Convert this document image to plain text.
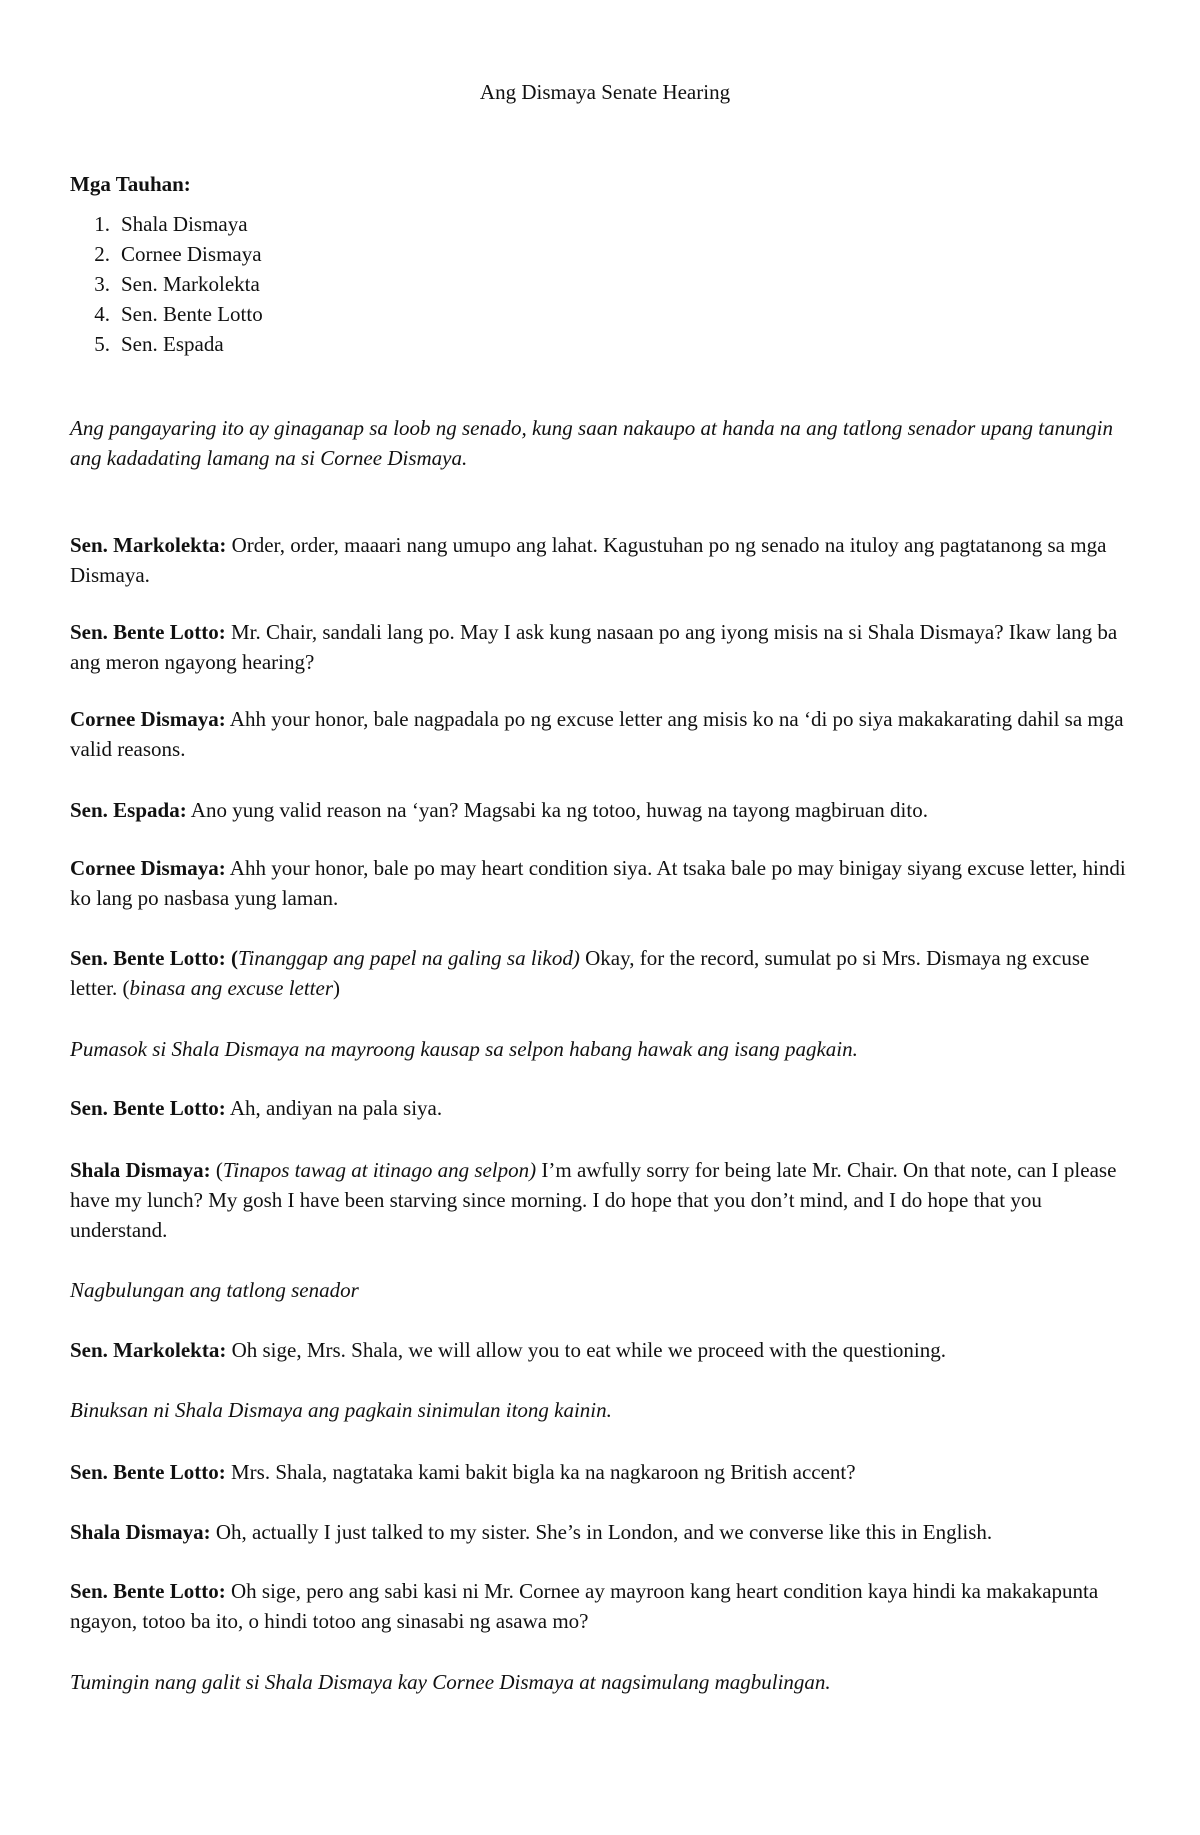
Ang Dismaya Senate Hearing
Mga Tauhan:
1. Shala Dismaya
2. Cornee Dismaya
3. Sen. Markolekta
4. Sen. Bente Lotto
5. Sen. Espada

Ang pangayaring ito ay ginaganap sa loob ng senado, kung saan nakaupo at handa na ang tatlong senador upang tanungin ang kadadating lamang na si Cornee Dismaya.

Sen. Markolekta: Order, order, maaari nang umupo ang lahat. Kagustuhan po ng senado na ituloy ang pagtatanong sa mga Dismaya.

Sen. Bente Lotto: Mr. Chair, sandali lang po. May I ask kung nasaan po ang iyong misis na si Shala Dismaya? Ikaw lang ba ang meron ngayong hearing?

Cornee Dismaya: Ahh your honor, bale nagpadala po ng excuse letter ang misis ko na ‘di po siya makakarating dahil sa mga valid reasons.

Sen. Espada: Ano yung valid reason na ‘yan? Magsabi ka ng totoo, huwag na tayong magbiruan dito.

Cornee Dismaya: Ahh your honor, bale po may heart condition siya. At tsaka bale po may binigay siyang excuse letter, hindi ko lang po nasbasa yung laman.

Sen. Bente Lotto: (Tinanggap ang papel na galing sa likod) Okay, for the record, sumulat po si Mrs. Dismaya ng excuse letter. (binasa ang excuse letter)

Pumasok si Shala Dismaya na mayroong kausap sa selpon habang hawak ang isang pagkain.

Sen. Bente Lotto: Ah, andiyan na pala siya.

Shala Dismaya: (Tinapos tawag at itinago ang selpon) I’m awfully sorry for being late Mr. Chair. On that note, can I please have my lunch? My gosh I have been starving since morning. I do hope that you don’t mind, and I do hope that you understand.

Nagbulungan ang tatlong senador

Sen. Markolekta: Oh sige, Mrs. Shala, we will allow you to eat while we proceed with the questioning.

Binuksan ni Shala Dismaya ang pagkain sinimulan itong kainin.

Sen. Bente Lotto: Mrs. Shala, nagtataka kami bakit bigla ka na nagkaroon ng British accent?

Shala Dismaya: Oh, actually I just talked to my sister. She’s in London, and we converse like this in English.

Sen. Bente Lotto: Oh sige, pero ang sabi kasi ni Mr. Cornee ay mayroon kang heart condition kaya hindi ka makakapunta ngayon, totoo ba ito, o hindi totoo ang sinasabi ng asawa mo?

Tumingin nang galit si Shala Dismaya kay Cornee Dismaya at nagsimulang magbulingan.
